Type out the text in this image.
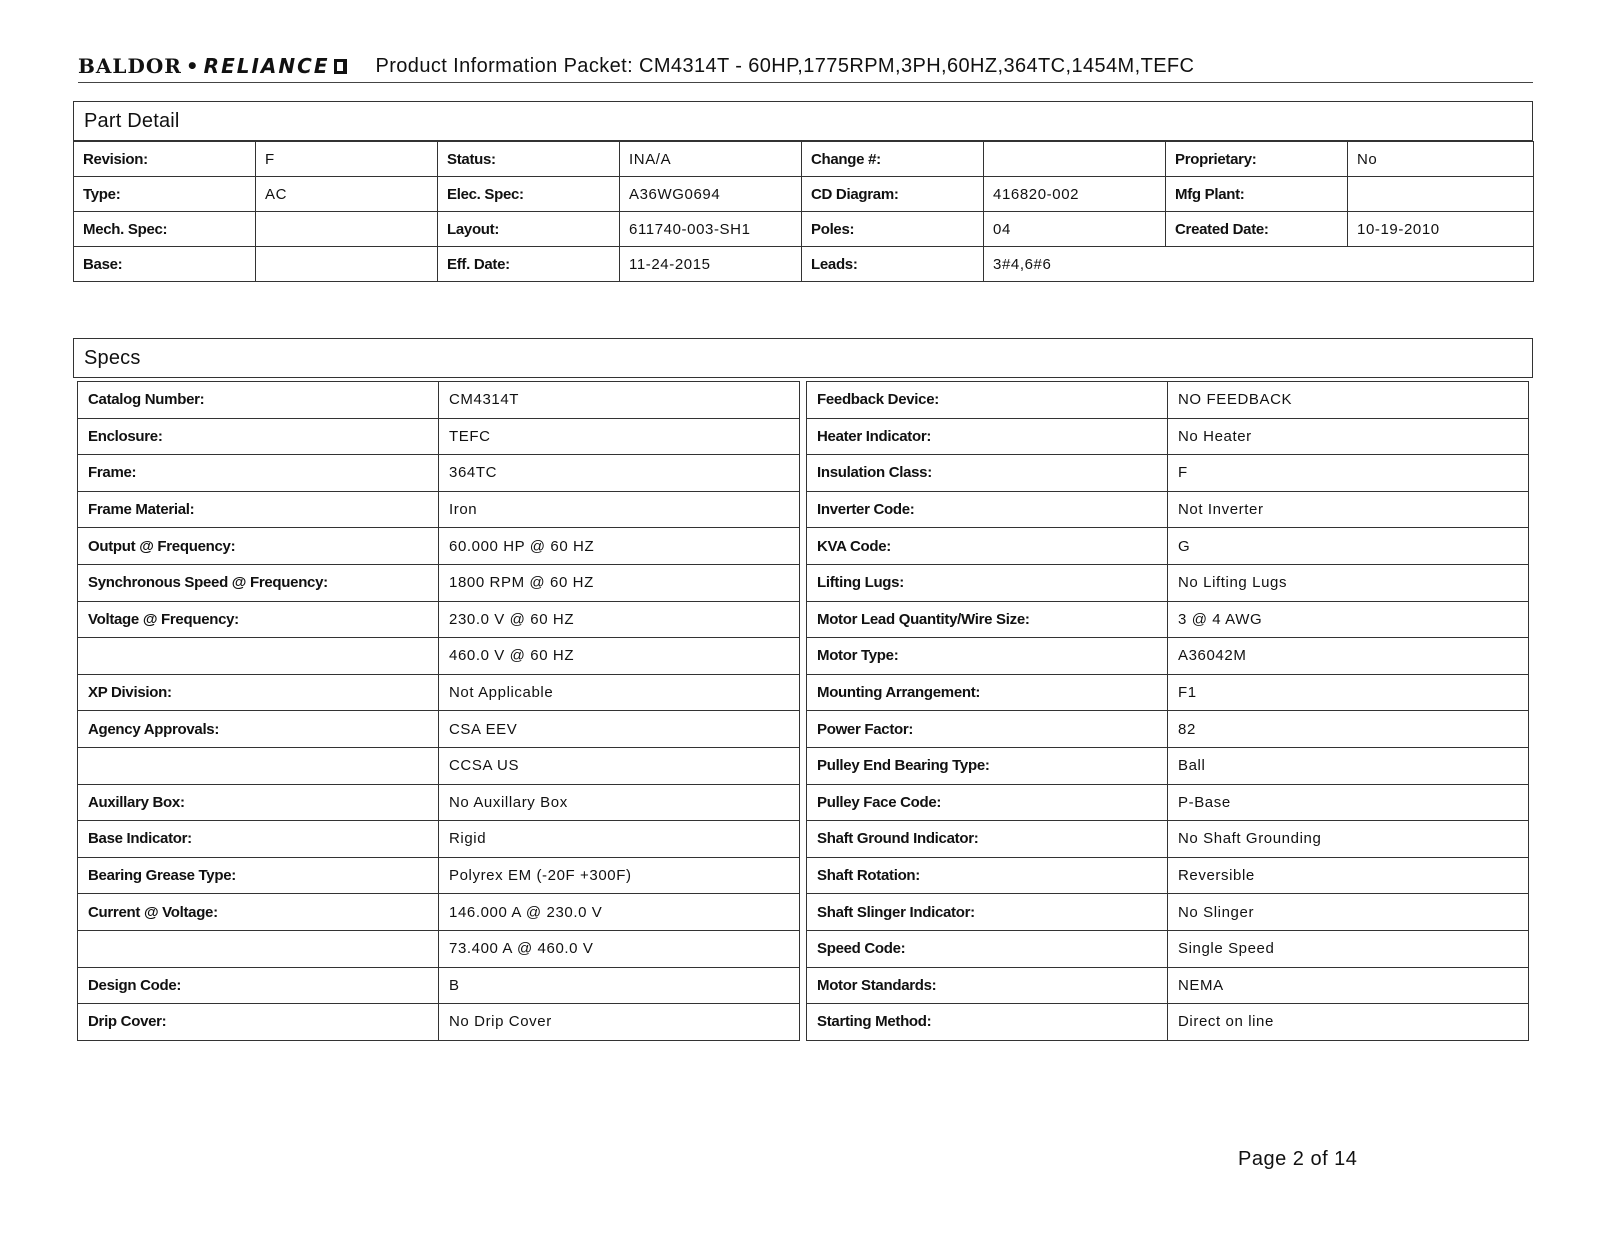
BALDOR • RELIANCE Product Information Packet: CM4314T - 60HP,1775RPM,3PH,60HZ,364TC,1454M,TEFC
Part Detail
Revision:	F	Status:	INA/A	Change #:		Proprietary:	No
Type:	AC	Elec. Spec:	A36WG0694	CD Diagram:	416820-002	Mfg Plant:	
Mech. Spec:		Layout:	611740-003-SH1	Poles:	04	Created Date:	10-19-2010
Base:		Eff. Date:	11-24-2015	Leads:	3#4,6#6		
Specs
Catalog Number:	CM4314T
Enclosure:	TEFC
Frame:	364TC
Frame Material:	Iron
Output @ Frequency:	60.000 HP @ 60 HZ
Synchronous Speed @ Frequency:	1800 RPM @ 60 HZ
Voltage @ Frequency:	230.0 V @ 60 HZ
	460.0 V @ 60 HZ
XP Division:	Not Applicable
Agency Approvals:	CSA EEV
	CCSA US
Auxillary Box:	No Auxillary Box
Base Indicator:	Rigid
Bearing Grease Type:	Polyrex EM (-20F +300F)
Current @ Voltage:	146.000 A @ 230.0 V
	73.400 A @ 460.0 V
Design Code:	B
Drip Cover:	No Drip Cover
Feedback Device:	NO FEEDBACK
Heater Indicator:	No Heater
Insulation Class:	F
Inverter Code:	Not Inverter
KVA Code:	G
Lifting Lugs:	No Lifting Lugs
Motor Lead Quantity/Wire Size:	3 @ 4 AWG
Motor Type:	A36042M
Mounting Arrangement:	F1
Power Factor:	82
Pulley End Bearing Type:	Ball
Pulley Face Code:	P-Base
Shaft Ground Indicator:	No Shaft Grounding
Shaft Rotation:	Reversible
Shaft Slinger Indicator:	No Slinger
Speed Code:	Single Speed
Motor Standards:	NEMA
Starting Method:	Direct on line
Page 2 of 14
